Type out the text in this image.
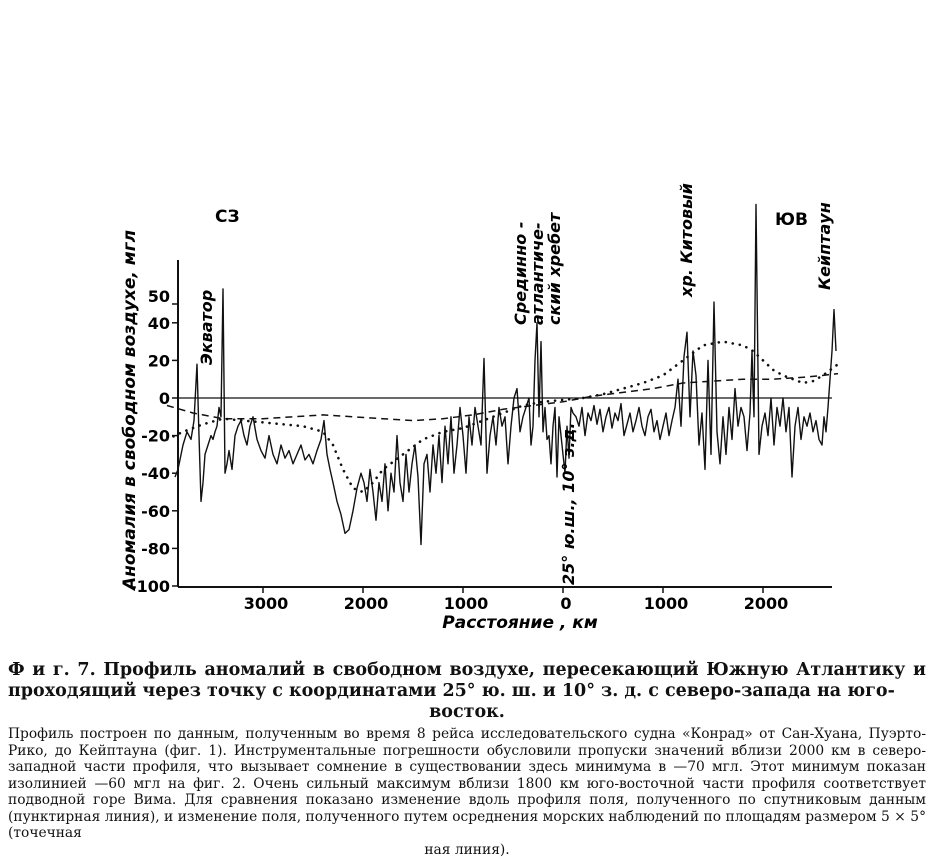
50
40
20
0
-20
-40
-60
-80
-100
3000	2000	1000	0	1000	2000
Расстояние , км
Аномалия в свободном воздухе, мгл
СЗ	ЮВ
Экватор
Срединно -
атлантиче-
ский хребет	хр. Китовый	Кейптаун
25° ю.ш., 10° з.д.
Ф и г. 7. Профиль аномалий в свободном воздухе, пересекающий Южную Атлантику и проходящий через точку с координатами 25° ю. ш. и 10° з. д. с северо-запада на юго-
восток.
Профиль построен по данным, полученным во время 8 рейса исследовательского судна «Конрад» от Сан-Хуана, Пуэрто-Рико, до Кейптауна (фиг. 1). Инструментальные погрешности обусловили пропуски значений вблизи 2000 км в северо-западной части профиля, что вызывает сомнение в существовании здесь минимума в —70 мгл. Этот минимум показан изолинией —60 мгл на фиг. 2. Очень сильный максимум вблизи 1800 км юго-восточной части профиля соответствует подводной горе Вима. Для сравнения показано изменение вдоль профиля поля, полученного по спутниковым данным (пунктирная линия), и изменение поля, полученного путем осреднения морских наблюдений по площадям размером 5 × 5° (точечная
ная линия).
